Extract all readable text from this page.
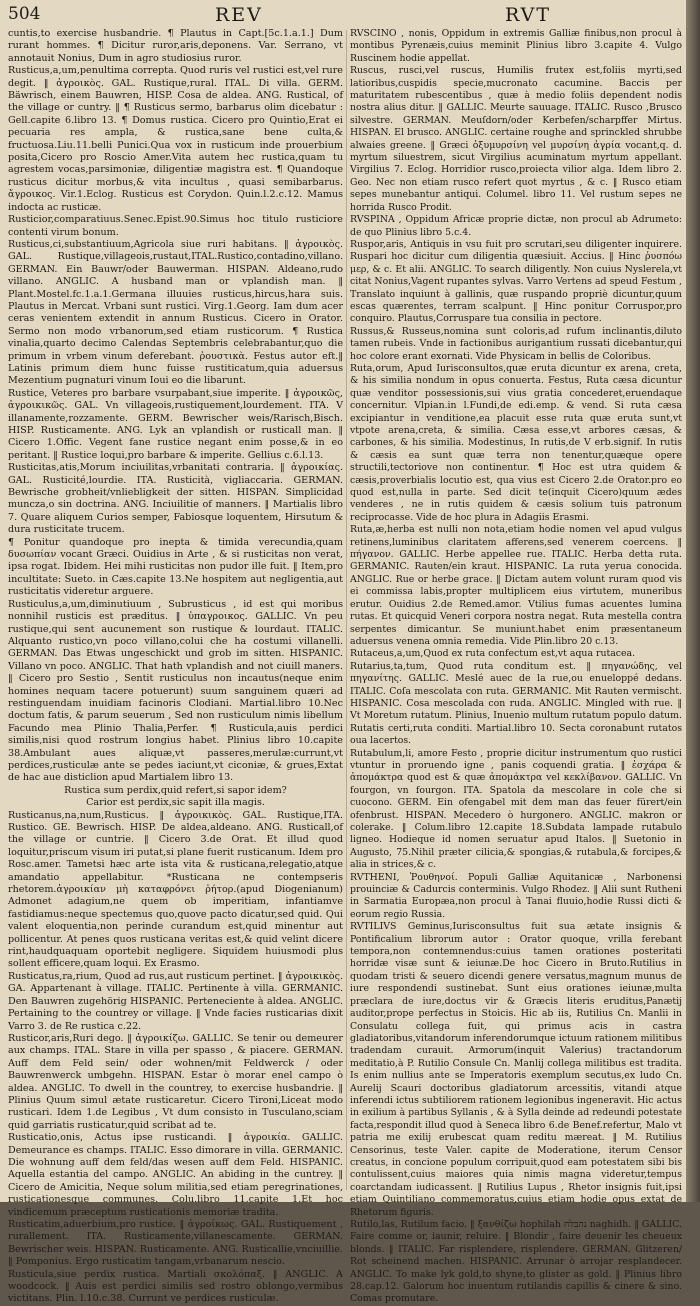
504	REV	RVT

cuntis,to exercise husbandrie. ¶ Plautus in Capt.[5c.1.a.1.] Dum rurant hommes. ¶ Dicitur ruror,aris,deponens. Var. Serrano, vt annotauit Nonius, Dum in agro studiosius ruror.

Rusticus,a,um,penultima correpta. Quod ruris vel rustici est,vel rure degit. ‖ ἀγροικὸς. GAL. Rustique,rural. ITAL. Di villa. GERM. Bäwrisch, einem Bauwren, HISP. Cosa de aldea. ANG. Rustical, of the village or cuntry. ‖ ¶ Rusticus sermo, barbarus olim dicebatur : Gell.capite 6.libro 13. ¶ Domus rustica. Cicero pro Quintio,Erat ei pecuaria res ampla, & rustica,sane bene culta,& fructuosa.Liu.11.belli Punici.Qua vox in rusticum inde prouerbium posita,Cicero pro Roscio Amer.Vita autem hec rustica,quam tu agrestem vocas,parsimoniæ, diligentiæ magistra est. ¶ Quandoque rusticus dicitur morbus,& vita incultus , quasi semibarbarus. ἄγροικος. Vir.1.Eclog. Rusticus est Corydon. Quin.l.2.c.12. Mamus indocta ac rusticæ.

Rusticior,comparatiuus.Senec.Epist.90.Simus hoc titulo rusticiore contenti virum bonum.

Rusticus,ci,substantiuum,Agricola siue ruri habitans. ‖ ἀγροικὸς. GAL. Rustique,villageois,rustaut,ITAL.Rustico,contadino,villano. GERMAN. Ein Bauwr/oder Bauwerman. HISPAN. Aldeano,rudo villano. ANGLIC. A husband man or vplandish man. ‖ Plant.Mostel.fc.1.a.1.Germana illuuies rusticus,hircus,hara suis. Plautus in Mercat. Vrbani sunt rustici. Virg.1.Georg. Iam dum acer ceras venientem extendit in annum Rusticus. Cicero in Orator. Sermo non modo vrbanorum,sed etiam rusticorum. ¶ Rustica vinalia,quarto decimo Calendas Septembris celebrabantur,quo die primum in vrbem vinum deferebant. ῥουστικὰ. Festus autor eft.‖ Latinis primum diem hunc fuisse rustiticatum,quia aduersus Mezentium pugnaturi vinum Ioui eo die libarunt.

Rustice, Veteres pro barbare vsurpabant,siue imperite. ‖ ἀγροικῶς, ἀγροικικῶς. GAL. Vn villageois,rustiquement,lourdement. ITA. V illanamente,rozzamente. GERM. Bewrischer weis/Rarisch,Bisch. HISP. Rusticamente. ANG. Lyk an vplandish or rusticall man. ‖ Cicero 1.Offic. Vegent fane rustice negant enim posse,& in eo peritant. ‖ Rustice loqui,pro barbare & imperite. Gellius c.6.l.13.

Rusticitas,atis,Morum inciuilitas,vrbanitati contraria. ‖ ἀγροικίας. GAL. Rusticité,lourdie. ITA. Rusticità, vigliaccaria. GERMAN. Bewrische grobheit/vnliebligkeit der sitten. HISPAN. Simplicidad muncza,o sin doctrina. ANG. Inciuilitie of manners. ‖ Martialis libro 7. Quare aliquem Curios semper, Fabiosque loquentem, Hirsutum & dura rusticitate trucem.

¶ Ponitur quandoque pro inepta & timida verecundia,quam δυσωπίαν vocant Græci. Ouidius in Arte , & si rusticitas non verat, ipsa rogat. Ibidem. Hei mihi rusticitas non pudor ille fuit. ‖ Item,pro incultitate: Sueto. in Cæs.capite 13.Ne hospitem aut negligentia,aut rusticitatis videretur arguere.

Rusticulus,a,um,diminutiuum , Subrusticus , id est qui moribus nonnihil rusticis est præditus. ‖ ὑπαγροικος. GALLIC. Vn peu rustique,qui sent aucunement son rustique & lourdaut. ITALIC. Alquanto rustico,vn poco villano,colui che ha costumi villanelli. GERMAN. Das Etwas ungeschickt und grob im sitten. HISPANIC. Villano vn poco. ANGLIC. That hath vplandish and not ciuill maners. ‖ Cicero pro Sestio , Sentit rusticulus non incautus(neque enim homines nequam tacere potuerunt) suum sanguinem quæri ad restinguendam inuidiam facinoris Clodiani. Martial.libro 10.Nec doctum fatis, & parum seuerum , Sed non rusticulum nimis libellum Facundo mea Plinio Thalia,Perfer. ¶ Rusticula,auis perdici similis,nisi quod rostrum longius habet. Plinius libro 10.capite 38.Ambulant aues aliquæ,vt passeres,merulæ:currunt,vt perdices,rusticulæ ante se pedes iaciunt,vt ciconiæ, & grues,Extat de hac aue disticlion apud Martialem libro 13.

Rustica sum perdix,quid refert,si sapor idem?

Carior est perdix,sic sapit illa magis.

Rusticanus,na,num,Rusticus. ‖ ἀγροικικὸς. GAL. Rustique,ITA. Rustico. GE. Bewrisch. HISP. De aldea,aldeano. ANG. Rusticall,of the village or cuntrie. ‖ Cicero 3.de Orat. Et illud quod loquitur,priscum visum iri putat,si plane fuerit rusticanum. Idem pro Rosc.amer. Tametsi hæc arte ista vita & rusticana,relegatio,atque amandatio appellabitur. *Rusticana ne contempseris rhetorem.ἀγροικίαν μὴ καταφρόνει ῥήτορ.(apud Diogenianum) Admonet adagium,ne quem ob imperitiam, infantiamve fastidiamus:neque spectemus quo,quove pacto dicatur,sed quid. Qui valent eloquentia,non perinde curandum est,quid minentur aut pollicentur. At penes quos rusticana veritas est,& quid velint dicere rint,haudquaquam oportebit negligere. Siquidem huiusmodi plus sollent efficere,quam loqui. Ex Erasmo.

Rusticatus,ra,rium, Quod ad rus,aut rusticum pertinet. ‖ ἀγροικικὸς. GA. Appartenant à village. ITALIC. Pertinente à villa. GERMANIC. Den Bauwren zugehörig HISPANIC. Perteneciente à aldea. ANGLIC. Pertaining to the countrey or village. ‖ Vnde facies rusticarias dixit Varro 3. de Re rustica c.22.

Rusticor,aris,Ruri dego. ‖ ἀγροικίζω. GALLIC. Se tenir ou demeurer aux champs. ITAL. Stare in villa per spasso , & piacere. GERMAN. Auff dem Feld sein/ oder wohnen/mit Feldwerck / oder Bauwrenwerck umbgehn. HISPAN. Estar ò morar enel campo ò aldea. ANGLIC. To dwell in the countrey, to exercise husbandrie. ‖ Plinius Quum simul ætate rusticaretur. Cicero Tironi,Liceat modo rusticari. Idem 1.de Legibus , Vt dum consisto in Tusculano,sciam quid garriatis rusticatur,quid scribat ad te.

Rusticatio,onis, Actus ipse rusticandi. ‖ ἀγροικία. GALLIC. Demeurance es champs. ITALIC. Esso dimorare in villa. GERMANIC. Die wohnung auff dem feld/das wesen auff dem Feld. HISPANIC. Aquella estantia del campo. ANGLIC. An abiding in the cuntrey. ‖ Cicero de Amicitia, Neque solum militia,sed etiam peregrinationes, rusticationesque communes. Colu.libro 11.capite 1.Et hoc vindicemum præceptum rusticationis memoriæ tradita.

Rusticatim,aduerbium,pro rustice. ‖ ἀγροίκως. GAL. Rustiquement , rurallement. ITA. Rusticamente,villanescamente. GERMAN. Bewrischer weis. HISPAN. Rusticamente. ANG. Rusticallie,vnciuillie. ‖ Pomponius. Ergo rusticatim tangam,vrbanarum nescio.

Rusticula,siue perdix rustica. Martiali σκολόπαξ. ‖ ANGLIC. A woodcock. ‖ Auis est perdici similis sed rostro oblongo,vermibus victitans. Plin. l.10.c.38. Currunt ve perdices rusticulæ.

RVSCINO , nonis, Oppidum in extremis Galliæ finibus,non procul à montibus Pyrenæis,cuius meminit Plinius libro 3.capite 4. Vulgo Ruscinem hodie appellat.

Ruscus, rusci,vel ruscus, Humilis frutex est,foliis myrti,sed latioribus,cuspidis specie,mucronato cacumine. Baccis per maturitatem rubescentibus , quæ à medio foliis dependent nodis nostra alius ditur. ‖ GALLIC. Meurte sauuage. ITALIC. Rusco ,Brusco silvestre. GERMAN. Meuſdorn/oder Kerbefen/scharpffer Mirtus. HISPAN. El brusco. ANGLIC. certaine roughe and sprinckled shrubbe alwaies greene. ‖ Græci ὀξυμυρσίνη vel μυρσίνη ἀγρία vocant,q. d. myrtum siluestrem, sicut Virgilius acuminatum myrtum appellant. Virgilius 7. Eclog. Horridior rusco,proiecta vilior alga. Idem libro 2. Geo. Nec non etiam rusco refert quot myrtus , & c. ‖ Rusco etiam sepes munebantur antiqui. Columel. libro 11. Vel rustum sepes ne horrida Rusco Prodit.

RVSPINA , Oppidum Africæ proprie dictæ, non procul ab Adrumeto: de quo Plinius libro 5.c.4.

Ruspor,aris, Antiquis in vsu fuit pro scrutari,seu diligenter inquirere. Ruspari hoc dicitur cum diligentia quæsiuit. Accius. ‖ Hinc ῥυσπόω μερ, & c. Et alii. ANGLIC. To search diligently. Non cuius Nyslerela,vt citat Nonius,Vagent rupantes sylvas. Varro Vertens ad speud Festum , Translato inquiunt à gallinis, quæ ruspando propriè dicuntur,quum escas quærentes, terram scalpunt. ‖ Hinc ponitur Corruspor,pro conquiro. Plautus,Corruspare tua consilia in pectore.

Russus,& Russeus,nomina sunt coloris,ad rufum inclinantis,diluto tamen rubeis. Vnde in factionibus aurigantium russati dicebantur,qui hoc colore erant exornati. Vide Physicam in bellis de Coloribus.

Ruta,orum, Apud Iurisconsultos,quæ eruta dicuntur ex arena, creta, & his similia nondum in opus conuerta. Festus, Ruta cæsa dicuntur quæ venditor possessionis,sui vius gratia concederet,eruendaque concernitur. Vlpian.in l.Fundi,de edi.emp. & vend. Si ruta cæsa excipiantur in venditione,ea placuit esse ruta quæ eruta sunt,vt vtpote arena,creta, & similia. Cæsa esse,vt arbores cæsas, & carbones, & his similia. Modestinus, In rutis,de V erb.signif. In rutis & cæsis ea sunt quæ terra non tenentur,quæque opere structili,tectoriove non continentur. ¶ Hoc est utra quidem & cæsis,proverbialis locutio est, qua vius est Cicero 2.de Orator.pro eo quod est,nulla in parte. Sed dicit te(inquit Cicero)quum ædes venderes , ne in rutis quidem & cæsis solium tuis patronum reciprocasse. Vide de hoc plura in Adagiis Erasmi.

Ruta,æ,herba est nulli non nota,etiam hodie nomen vel apud vulgus retinens,luminibus claritatem afferens,sed venerem coercens. ‖ πήγανον. GALLIC. Herbe appellee rue. ITALIC. Herba detta ruta. GERMANIC. Rauten/ein kraut. HISPANIC. La ruta yerua conocida. ANGLIC. Rue or herbe grace. ‖ Dictam autem volunt ruram quod vis ei commissa labis,propter multiplicem eius virtutem, muneribus erutur. Ouidius 2.de Remed.amor. Vtilius fumas acuentes lumina rutas. Et quicquid Veneri corpora nostra negat. Ruta mestella contra serpentes dimicantur. Se muniunt.habet enim præsentaneum aduersus venena omnia remedia. Vide Plin.libro 20 c.13.

Rutaceus,a,um,Quod ex ruta confectum est,vt aqua rutacea.

Rutarius,ta,tum, Quod ruta conditum est. ‖ πηγανώδης, vel πηγανίτης. GALLIC. Meslé auec de la rue,ou enueloppé dedans. ITALIC. Coſa mescolata con ruta. GERMANIC. Mit Rauten vermischt. HISPANIC. Cosa mescolada con ruda. ANGLIC. Mingled with rue. ‖ Vt Moretum rutatum. Plinius, Inuenio multum rutatum populo datum. Rutatis certi,ruta conditi. Martial.libro 10. Secta coronabunt rutatos oua lacertos.

Rutabulum,li, amore Festo , proprie dicitur instrumentum quo rustici vtuntur in proruendo igne , panis coquendi gratia. ‖ ἐσχάρα & ἀπομάκτρα quod est & quæ ἀπομάκτρα vel κεκλίβανον. GALLIC. Vn fourgon, vn fourgon. ITA. Spatola da mescolare in cole che si cuocono. GERM. Ein ofengabel mit dem man das feuer fürert/ein ofenbrust. HISPAN. Mecedero ò hurgonero. ANGLIC. makron or colerake. ‖ Colum.libro 12.capite 18.Subdata lampade rutabulo ligneo. Hodieque id nomen seruatur apud Italos. ‖ Suetonio in Augusto, 75.Nihil præter cilicia,& spongias,& rutabula,& forcipes,& alia in strices,& c.

RVTHENI, Ῥουθηνοί. Populi Galliæ Aquitanicæ , Narbonensi prouinciæ & Cadurcis conterminis. Vulgo Rhodez. ‖ Alii sunt Rutheni in Sarmatia Europæa,non procul à Tanai fluuio,hodie Russi dicti & eorum regio Russia.

RVTILIVS Geminus,Iurisconsultus fuit sua ætate insignis & Pontificalium librorum autor : Orator quoque, vrilla ferebant tempora,non contemnendus:cuius tamen orationes posteritati horridæ visæ sunt & ieiunæ.De hoc Cicero in Bruto.Rutilius in quodam tristi & seuero dicendi genere versatus,magnum munus de iure respondendi sustinebat. Sunt eius orationes ieiunæ,multa præclara de iure,doctus vir & Græcis literis eruditus,Panætij auditor,prope perfectus in Stoicis. Hic ab iis, Rutilius Cn. Manlii in Consulatu collega fuit, qui primus acis in castra gladiatoribus,vitandorum inferendorumque ictuum rationem militibus tradendam curauit. Armorum(inquit Valerius) tractandorum meditatio,à P. Rutilio Consule Cn. Manlij collega militibus est tradita. Is enim nullius ante se Imperatoris exemplum secutus,ex ludo Cn. Aurelij Scauri doctoribus gladiatorum arcessitis, vitandi atque inferendi ictus subtiliorem rationem legionibus ingeneravit. Hic actus in exilium à partibus Syllanis , & à Sylla deinde ad redeundi potestate facta,respondit illud quod à Seneca libro 6.de Benef.refertur, Malo vt patria me exilij erubescat quam reditu mæreat. ‖ M. Rutilius Censorinus, teste Valer. capite de Moderatione, iterum Censor creatus, in concione populum corripuit,quod eam potestatem sibi bis contulissent,cuius maiores quia nimis magna videretur,tempus coarctandam iudicassent. ‖ Rutilius Lupus , Rhetor insignis fuit,ipsi etiam Quintiliano commemoratus,cuius etiam hodie opus extat de Rhetorum figuris.

Rutilo,las, Rutilum facio. ‖ ξανθίζω hophilah נהבלח naghidh. ‖ GALLIC. Faire comme or, iaunir, reluire. ‖ Blondir , faire deuenir les cheueux blonds. ‖ ITALIC. Far risplendere, risplendere. GERMAN. Glitzeren/ Rot scheinend machen. HISPANIC. Arrunar ò arrojar resplandecer. ANGLIC. To make lyk gold,to shyne,to glister as gold. ‖ Plinius libro 28.cap.12. Galorum hoc inuentum rutilandis capillis & cinere & sino. Comas promutare.
